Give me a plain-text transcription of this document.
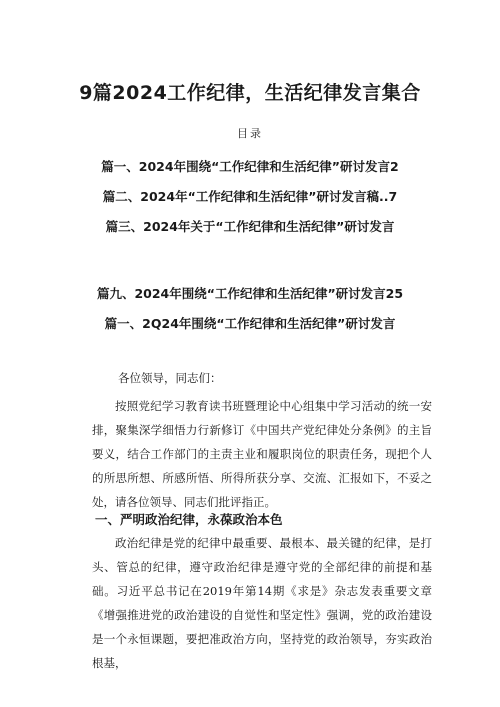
9篇2024工作纪律，生活纪律发言集合
目录
篇一、2024年围绕“工作纪律和生活纪律”研讨发言2
篇二、2024年“工作纪律和生活纪律”研讨发言稿..7
篇三、2024年关于“工作纪律和生活纪律”研讨发言
篇九、2024年围绕“工作纪律和生活纪律”研讨发言25
篇一、2Q24年围绕“工作纪律和生活纪律”研讨发言
各位领导，同志们：

按照党纪学习教育读书班暨理论中心组集中学习活动的统一安排，聚集深学细悟力行新修订《中国共产党纪律处分条例》的主旨要义，结合工作部门的主责主业和履职岗位的职责任务，现把个人的所思所想、所感所悟、所得所获分享、交流、汇报如下，不妥之处，请各位领导、同志们批评指正。

一、严明政治纪律，永葆政治本色

政治纪律是党的纪律中最重要、最根本、最关键的纪律，是打头、管总的纪律，遵守政治纪律是遵守党的全部纪律的前提和基础。习近平总书记在2019年第14期《求是》杂志发表重要文章《增强推进党的政治建设的自觉性和坚定性》强调，党的政治建设是一个永恒课题，要把准政治方向，坚持党的政治领导，夯实政治根基，
